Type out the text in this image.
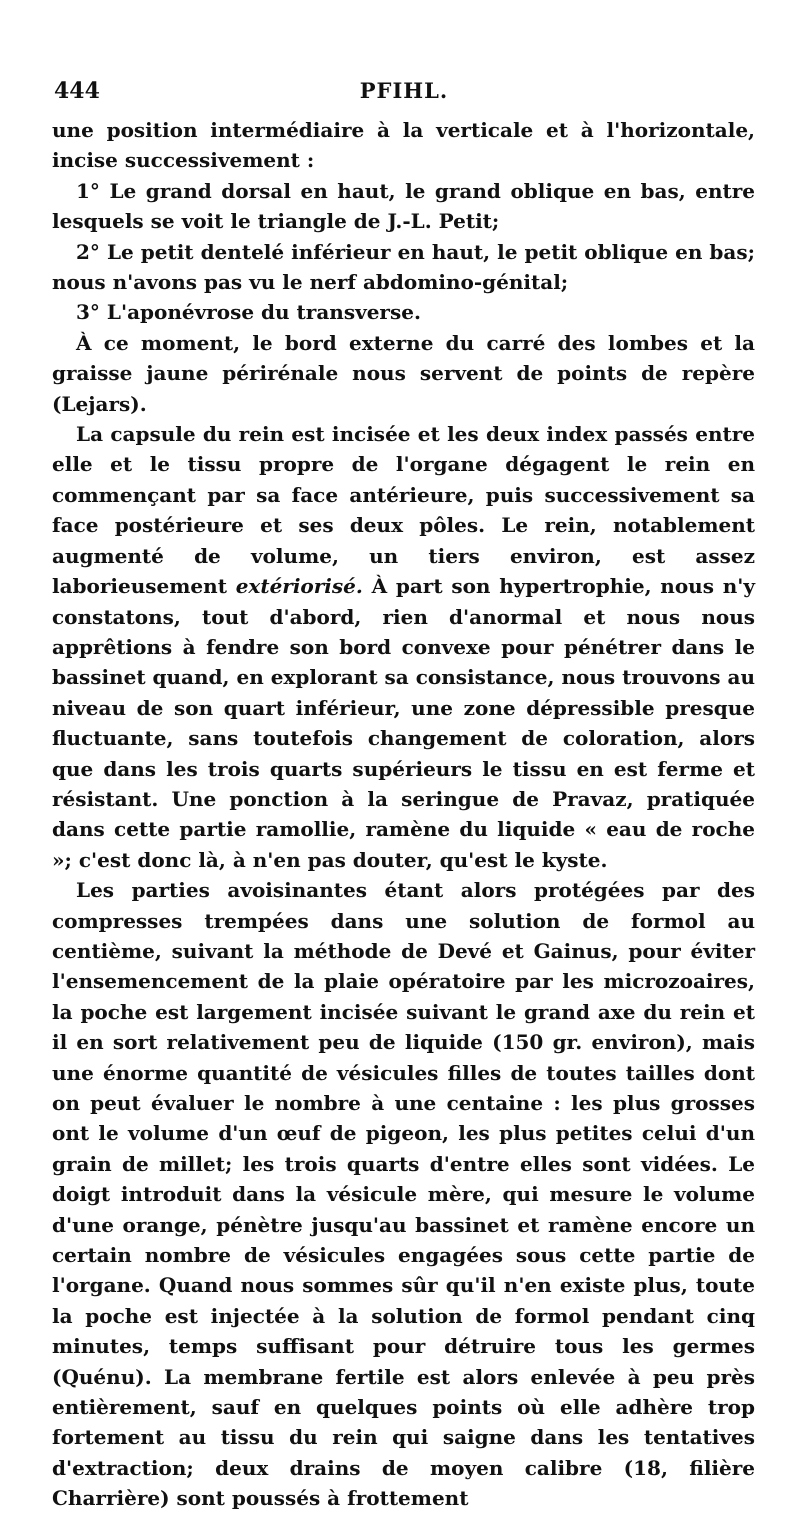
444	PFIHL.

une position intermédiaire à la verticale et à l'horizontale, incise successivement :

1° Le grand dorsal en haut, le grand oblique en bas, entre lesquels se voit le triangle de J.-L. Petit;

2° Le petit dentelé inférieur en haut, le petit oblique en bas; nous n'avons pas vu le nerf abdomino-génital;

3° L'aponévrose du transverse.

À ce moment, le bord externe du carré des lombes et la graisse jaune périrénale nous servent de points de repère (Lejars).

La capsule du rein est incisée et les deux index passés entre elle et le tissu propre de l'organe dégagent le rein en commençant par sa face antérieure, puis successivement sa face postérieure et ses deux pôles. Le rein, notablement augmenté de volume, un tiers environ, est assez laborieusement extériorisé. À part son hypertrophie, nous n'y constatons, tout d'abord, rien d'anormal et nous nous apprêtions à fendre son bord convexe pour pénétrer dans le bassinet quand, en explorant sa consistance, nous trouvons au niveau de son quart inférieur, une zone dépressible presque fluctuante, sans toutefois changement de coloration, alors que dans les trois quarts supérieurs le tissu en est ferme et résistant. Une ponction à la seringue de Pravaz, pratiquée dans cette partie ramollie, ramène du liquide « eau de roche »; c'est donc là, à n'en pas douter, qu'est le kyste.

Les parties avoisinantes étant alors protégées par des compresses trempées dans une solution de formol au centième, suivant la méthode de Devé et Gainus, pour éviter l'ensemencement de la plaie opératoire par les microzoaires, la poche est largement incisée suivant le grand axe du rein et il en sort relativement peu de liquide (150 gr. environ), mais une énorme quantité de vésicules filles de toutes tailles dont on peut évaluer le nombre à une centaine : les plus grosses ont le volume d'un œuf de pigeon, les plus petites celui d'un grain de millet; les trois quarts d'entre elles sont vidées. Le doigt introduit dans la vésicule mère, qui mesure le volume d'une orange, pénètre jusqu'au bassinet et ramène encore un certain nombre de vésicules engagées sous cette partie de l'organe. Quand nous sommes sûr qu'il n'en existe plus, toute la poche est injectée à la solution de formol pendant cinq minutes, temps suffisant pour détruire tous les germes (Quénu). La membrane fertile est alors enlevée à peu près entièrement, sauf en quelques points où elle adhère trop fortement au tissu du rein qui saigne dans les tentatives d'extraction; deux drains de moyen calibre (18, filière Charrière) sont poussés à frottement
